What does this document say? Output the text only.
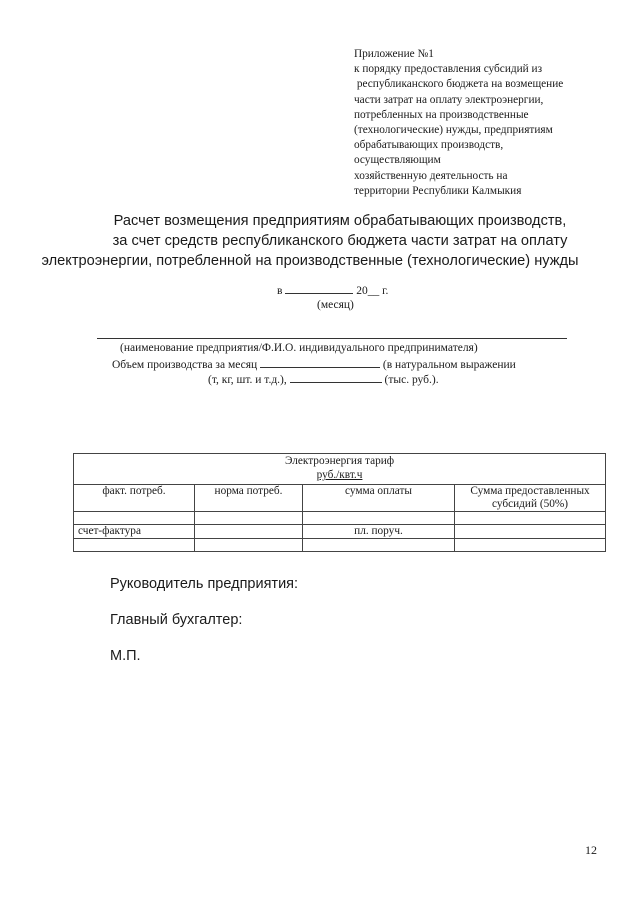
Приложение №1
к порядку предоставления субсидий из
республиканского бюджета на возмещение
части затрат на оплату электроэнергии,
потребленных на производственные
(технологические) нужды, предприятиям
обрабатывающих производств,
осуществляющим
хозяйственную деятельность на
территории Республики Калмыкия
Расчет возмещения предприятиям обрабатывающих производств,
за счет средств республиканского бюджета части затрат на оплату
электроэнергии, потребленной на производственные (технологические) нужды
в	20__ г.
(месяц)
(наименование предприятия/Ф.И.О. индивидуального предпринимателя)
Объем производства за месяц	(в натуральном выражении
(т, кг, шт. и т.д.),	(тыс. руб.).
Электроэнергия тариф
руб./квт.ч			

факт. потреб.	норма потреб.	сумма оплаты	Сумма предоставленных субсидий (50%)

счет-фактура		пл. поруч.	

Руководитель предприятия:
Главный бухгалтер:
М.П.
12
